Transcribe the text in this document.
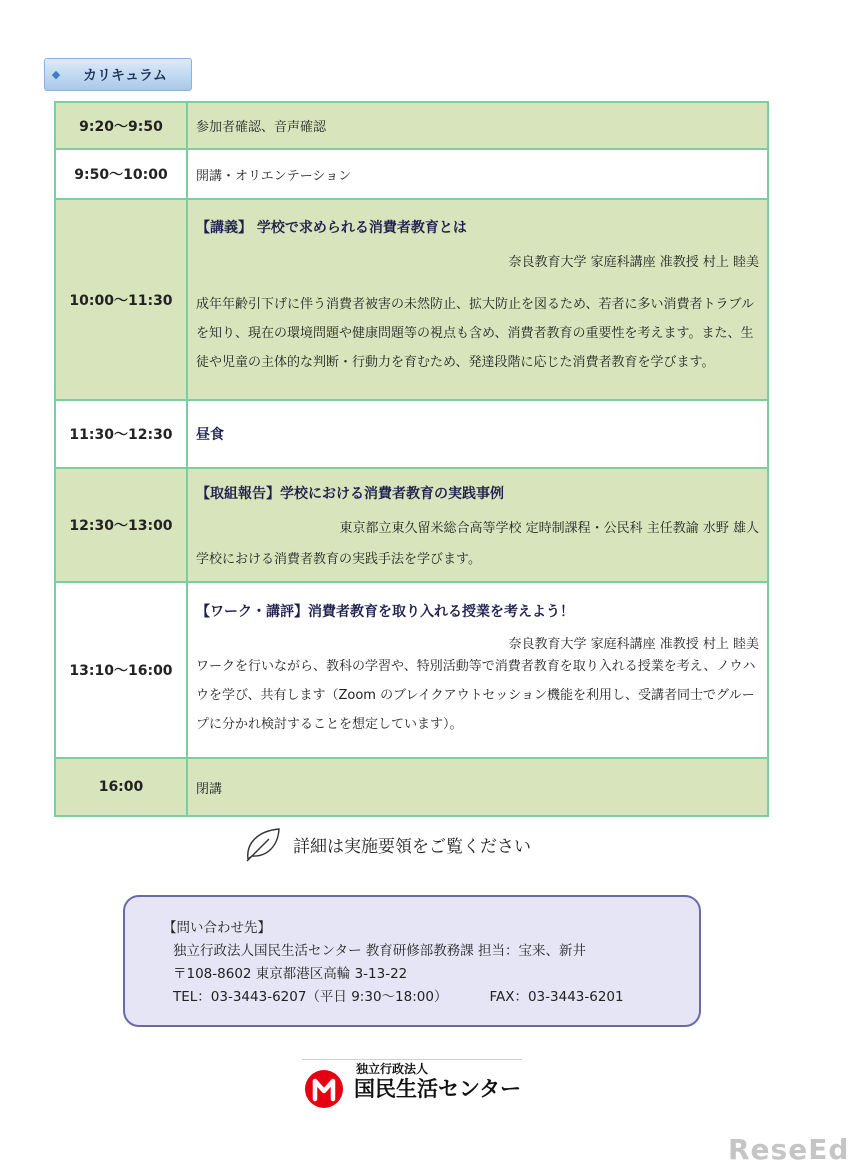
◆	カリキュラム
9:20～9:50	参加者確認、音声確認
9:50～10:00	開講・オリエンテーション
10:00～11:30	【講義】 学校で求められる消費者教育とは
奈良教育大学 家庭科講座 准教授 村上 睦美
成年年齢引下げに伴う消費者被害の未然防止、拡大防止を図るため、若者に多い消費者トラブルを知り、現在の環境問題や健康問題等の視点も含め、消費者教育の重要性を考えます。また、生徒や児童の主体的な判断・行動力を育むため、発達段階に応じた消費者教育を学びます。

11:30～12:30	昼食

12:30～13:00	【取組報告】学校における消費者教育の実践事例
東京都立東久留米総合高等学校 定時制課程・公民科 主任教諭 水野 雄人
学校における消費者教育の実践手法を学びます。

13:10～16:00	【ワーク・講評】消費者教育を取り入れる授業を考えよう！
奈良教育大学 家庭科講座 准教授 村上 睦美
ワークを行いながら、教科の学習や、特別活動等で消費者教育を取り入れる授業を考え、ノウハウを学び、共有します（Zoom のブレイクアウトセッション機能を利用し、受講者同士でグループに分かれ検討することを想定しています）。

16:00	閉講
詳細は実施要領をご覧ください
【問い合わせ先】
独立行政法人国民生活センター 教育研修部教務課 担当：宝来、新井
〒108-8602 東京都港区高輪 3-13-22
TEL：03-3443-6207（平日 9:30～18:00）	FAX：03-3443-6201
独立行政法人
国民生活センター
ReseEd
